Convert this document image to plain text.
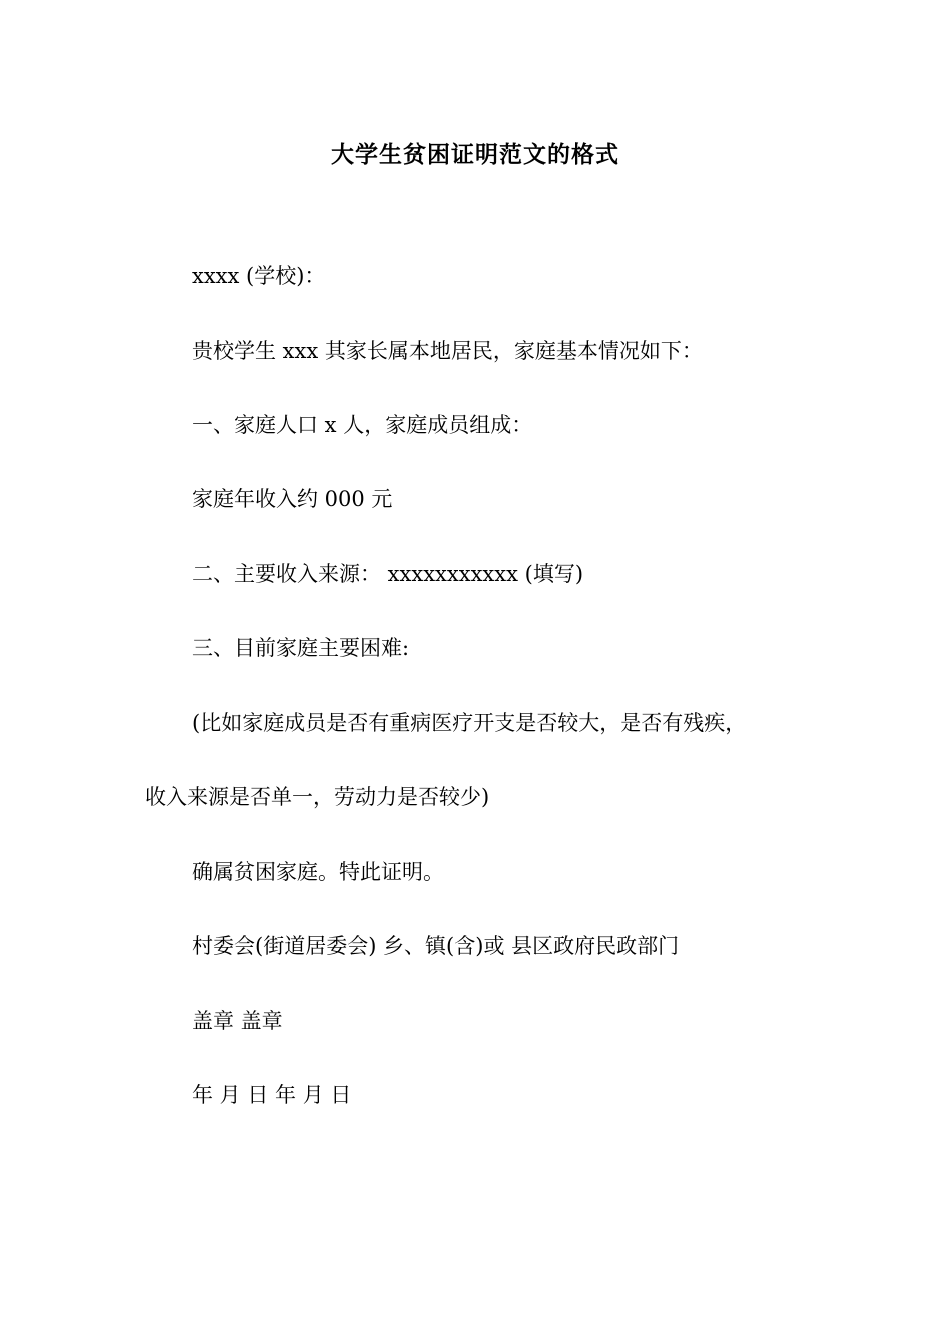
大学生贫困证明范文的格式
xxxx (学校)：
贵校学生 xxx 其家长属本地居民，家庭基本情况如下：
一、家庭人口 x 人，家庭成员组成：
家庭年收入约 000 元
二、主要收入来源： xxxxxxxxxxx (填写)
三、目前家庭主要困难:
(比如家庭成员是否有重病医疗开支是否较大，是否有残疾，
收入来源是否单一，劳动力是否较少)
确属贫困家庭。特此证明。
村委会(街道居委会) 乡、镇(含)或 县区政府民政部门
盖章 盖章
年 月 日 年 月 日
